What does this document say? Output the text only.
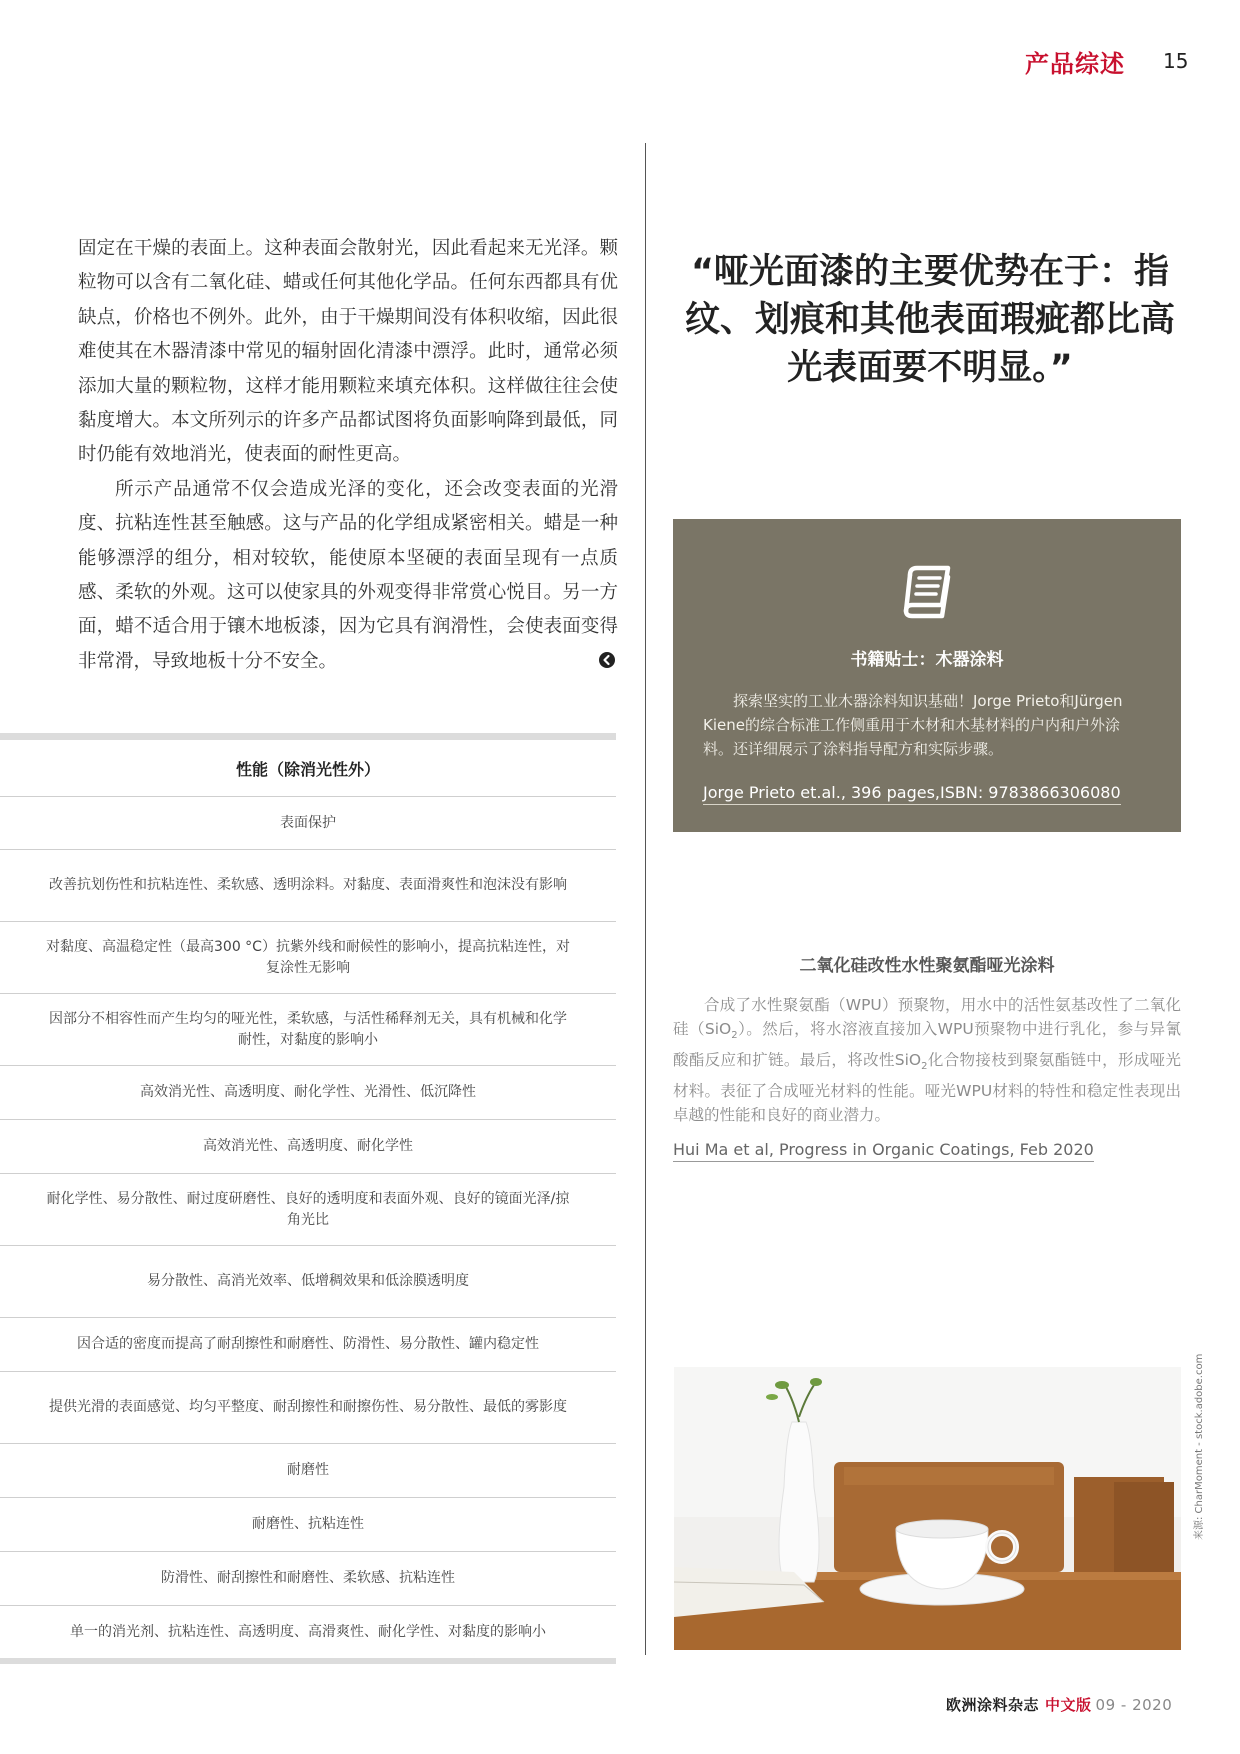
产品综述 15

固定在干燥的表面上。这种表面会散射光，因此看起来无光泽。颗粒物可以含有二氧化硅、蜡或任何其他化学品。任何东西都具有优缺点，价格也不例外。此外，由于干燥期间没有体积收缩，因此很难使其在木器清漆中常见的辐射固化清漆中漂浮。此时，通常必须添加大量的颗粒物，这样才能用颗粒来填充体积。这样做往往会使黏度增大。本文所列示的许多产品都试图将负面影响降到最低，同时仍能有效地消光，使表面的耐性更高。

所示产品通常不仅会造成光泽的变化，还会改变表面的光滑度、抗粘连性甚至触感。这与产品的化学组成紧密相关。蜡是一种能够漂浮的组分，相对较软，能使原本坚硬的表面呈现有一点质感、柔软的外观。这可以使家具的外观变得非常赏心悦目。另一方面，蜡不适合用于镶木地板漆，因为它具有润滑性，会使表面变得非常滑，导致地板十分不安全。

性能（除消光性外）
表面保护
改善抗划伤性和抗粘连性、柔软感、透明涂料。对黏度、表面滑爽性和泡沫没有影响
对黏度、高温稳定性（最高300 °C）抗紫外线和耐候性的影响小，提高抗粘连性，对复涂性无影响
因部分不相容性而产生均匀的哑光性，柔软感，与活性稀释剂无关，具有机械和化学耐性，对黏度的影响小
高效消光性、高透明度、耐化学性、光滑性、低沉降性
高效消光性、高透明度、耐化学性
耐化学性、易分散性、耐过度研磨性、良好的透明度和表面外观、良好的镜面光泽/掠角光比
易分散性、高消光效率、低增稠效果和低涂膜透明度
因合适的密度而提高了耐刮擦性和耐磨性、防滑性、易分散性、罐内稳定性
提供光滑的表面感觉、均匀平整度、耐刮擦性和耐擦伤性、易分散性、最低的雾影度
耐磨性
耐磨性、抗粘连性
防滑性、耐刮擦性和耐磨性、柔软感、抗粘连性
单一的消光剂、抗粘连性、高透明度、高滑爽性、耐化学性、对黏度的影响小
“哑光面漆的主要优势在于：指纹、划痕和其他表面瑕疵都比高光表面要不明显。”
书籍贴士：木器涂料
探索坚实的工业木器涂料知识基础！Jorge Prieto和Jürgen Kiene的综合标准工作侧重用于木材和木基材料的户内和户外涂料。还详细展示了涂料指导配方和实际步骤。
Jorge Prieto et.al., 396 pages,ISBN: 9783866306080
二氧化硅改性水性聚氨酯哑光涂料
合成了水性聚氨酯（WPU）预聚物，用水中的活性氨基改性了二氧化硅（SiO$_2$）。然后，将水溶液直接加入WPU预聚物中进行乳化，参与异氰酸酯反应和扩链。最后，将改性SiO$_2$化合物接枝到聚氨酯链中，形成哑光材料。表征了合成哑光材料的性能。哑光WPU材料的特性和稳定性表现出卓越的性能和良好的商业潜力。
Hui Ma et al, Progress in Organic Coatings, Feb 2020
来源: CharMoment - stock.adobe.com
欧洲涂料杂志 中文版 09 - 2020
